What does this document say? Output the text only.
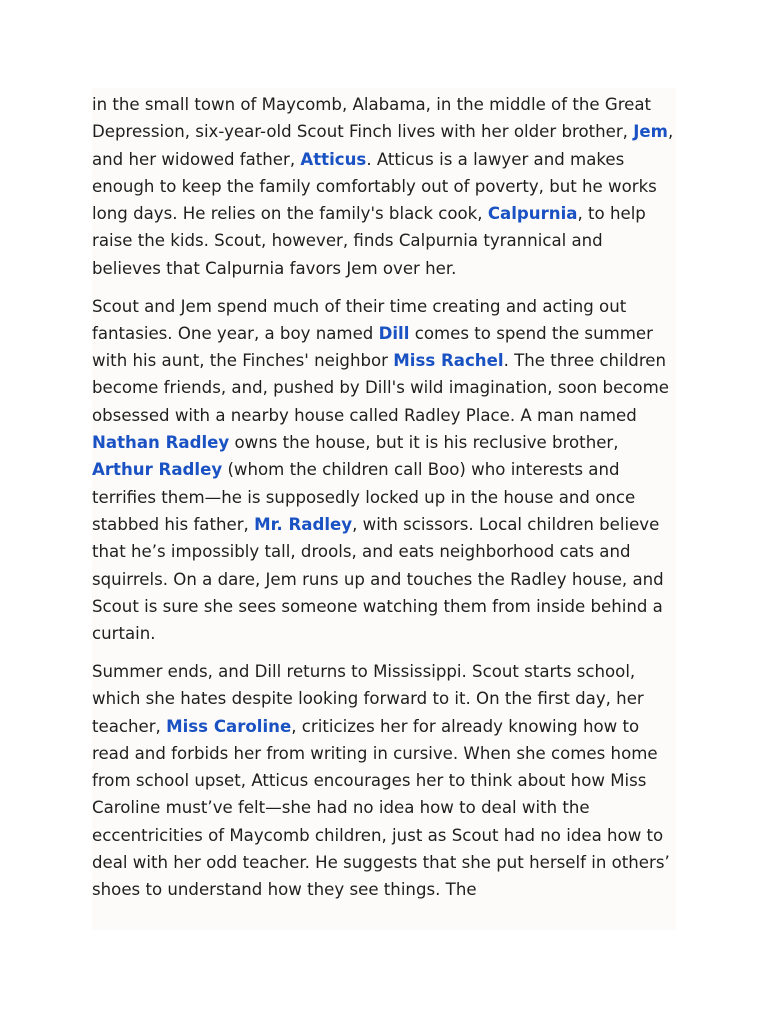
in the small town of Maycomb, Alabama, in the middle of the Great Depression, six-year-old Scout Finch lives with her older brother, Jem, and her widowed father, Atticus. Atticus is a lawyer and makes enough to keep the family comfortably out of poverty, but he works long days. He relies on the family's black cook, Calpurnia, to help raise the kids. Scout, however, finds Calpurnia tyrannical and believes that Calpurnia favors Jem over her.

Scout and Jem spend much of their time creating and acting out fantasies. One year, a boy named Dill comes to spend the summer with his aunt, the Finches' neighbor Miss Rachel. The three children become friends, and, pushed by Dill's wild imagination, soon become obsessed with a nearby house called Radley Place. A man named Nathan Radley owns the house, but it is his reclusive brother, Arthur Radley (whom the children call Boo) who interests and terrifies them—he is supposedly locked up in the house and once stabbed his father, Mr. Radley, with scissors. Local children believe that he’s impossibly tall, drools, and eats neighborhood cats and squirrels. On a dare, Jem runs up and touches the Radley house, and Scout is sure she sees someone watching them from inside behind a curtain.

Summer ends, and Dill returns to Mississippi. Scout starts school, which she hates despite looking forward to it. On the first day, her teacher, Miss Caroline, criticizes her for already knowing how to read and forbids her from writing in cursive. When she comes home from school upset, Atticus encourages her to think about how Miss Caroline must’ve felt—she had no idea how to deal with the eccentricities of Maycomb children, just as Scout had no idea how to deal with her odd teacher. He suggests that she put herself in others’ shoes to understand how they see things. The
